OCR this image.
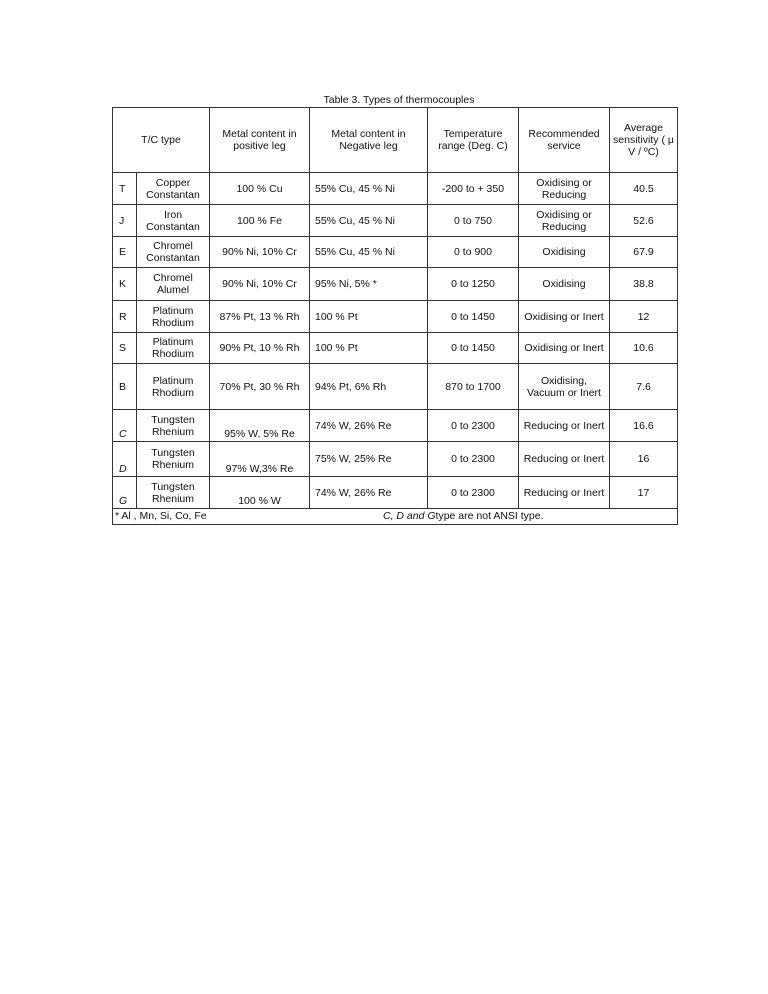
Table 3. Types of thermocouples
T/C type		Metal content in positive leg	Metal content in Negative leg	Temperature range (Deg. C)	Recommended service	Average sensitivity ( μ V / ºC)
T	Copper Constantan	100 % Cu	55% Cu, 45 % Ni	-200 to + 350	Oxidising or Reducing	40.5
J	Iron Constantan	100 % Fe	55% Cu, 45 % Ni	0 to 750	Oxidising or Reducing	52.6
E	Chromel Constantan	90% Ni, 10% Cr	55% Cu, 45 % Ni	0 to 900	Oxidising	67.9
K	Chromel Alumel	90% Ni, 10% Cr	95% Ni, 5% *	0 to 1250	Oxidising	38.8
R	Platinum Rhodium	87% Pt, 13 % Rh	100 % Pt	0 to 1450	Oxidising or Inert	12
S	Platinum Rhodium	90% Pt, 10 % Rh	100 % Pt	0 to 1450	Oxidising or Inert	10.6
B	Platinum Rhodium	70% Pt, 30 % Rh	94% Pt, 6% Rh	870 to 1700	Oxidising, Vacuum or Inert	7.6
C	Tungsten Rhenium	95% W, 5% Re	74% W, 26% Re	0 to 2300	Reducing or Inert	16.6
D	Tungsten Rhenium	97% W,3% Re	75% W, 25% Re	0 to 2300	Reducing or Inert	16
G	Tungsten Rhenium	100 % W	74% W, 26% Re	0 to 2300	Reducing or Inert	17

* Al , Mn, Si, Co, Fe C, D and Gtype are not ANSI type.						
